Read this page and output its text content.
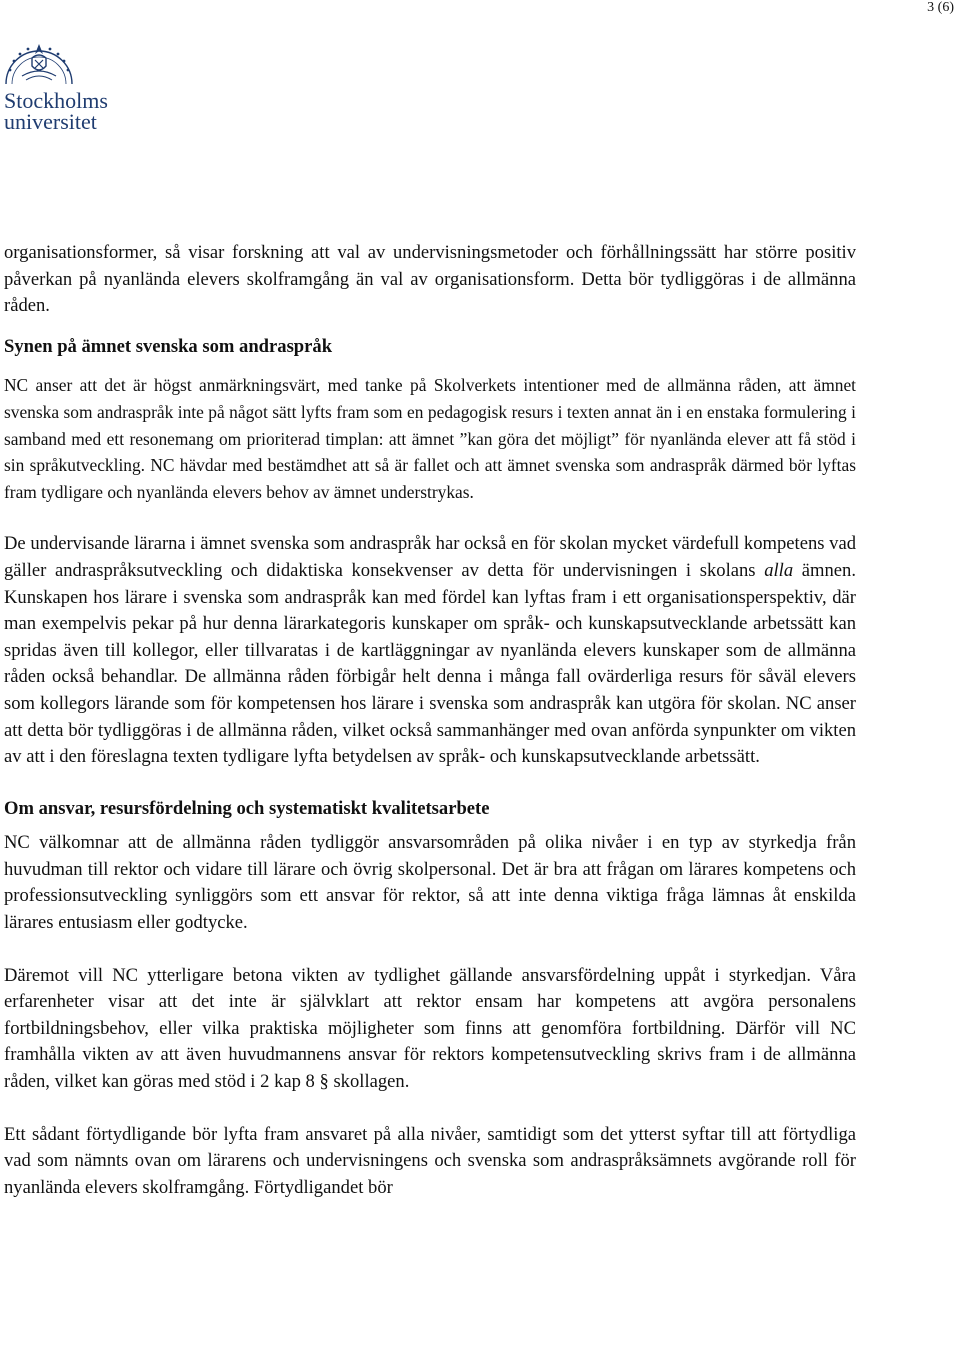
3 (6)
Stockholms
universitet

organisationsformer, så visar forskning att val av undervisningsmetoder och förhållningssätt har större positiv påverkan på nyanlända elevers skolframgång än val av organisationsform. Detta bör tydliggöras i de allmänna råden.

Synen på ämnet svenska som andraspråk

NC anser att det är högst anmärkningsvärt, med tanke på Skolverkets intentioner med de allmänna råden, att ämnet svenska som andraspråk inte på något sätt lyfts fram som en pedagogisk resurs i texten annat än i en enstaka formulering i samband med ett resonemang om prioriterad timplan: att ämnet ”kan göra det möjligt” för nyanlända elever att få stöd i sin språkutveckling. NC hävdar med bestämdhet att så är fallet och att ämnet svenska som andraspråk därmed bör lyftas fram tydligare och nyanlända elevers behov av ämnet understrykas.

De undervisande lärarna i ämnet svenska som andraspråk har också en för skolan mycket värdefull kompetens vad gäller andraspråksutveckling och didaktiska konsekvenser av detta för undervisningen i skolans alla ämnen. Kunskapen hos lärare i svenska som andraspråk kan med fördel kan lyftas fram i ett organisationsperspektiv, där man exempelvis pekar på hur denna lärarkategoris kunskaper om språk- och kunskapsutvecklande arbetssätt kan spridas även till kollegor, eller tillvaratas i de kartläggningar av nyanlända elevers kunskaper som de allmänna råden också behandlar. De allmänna råden förbigår helt denna i många fall ovärderliga resurs för såväl elevers som kollegors lärande som för kompetensen hos lärare i svenska som andraspråk kan utgöra för skolan. NC anser att detta bör tydliggöras i de allmänna råden, vilket också sammanhänger med ovan anförda synpunkter om vikten av att i den föreslagna texten tydligare lyfta betydelsen av språk- och kunskapsutvecklande arbetssätt.

Om ansvar, resursfördelning och systematiskt kvalitetsarbete

NC välkomnar att de allmänna råden tydliggör ansvarsområden på olika nivåer i en typ av styrkedja från huvudman till rektor och vidare till lärare och övrig skolpersonal. Det är bra att frågan om lärares kompetens och professionsutveckling synliggörs som ett ansvar för rektor, så att inte denna viktiga fråga lämnas åt enskilda lärares entusiasm eller godtycke.

Däremot vill NC ytterligare betona vikten av tydlighet gällande ansvarsfördelning uppåt i styrkedjan. Våra erfarenheter visar att det inte är självklart att rektor ensam har kompetens att avgöra personalens fortbildningsbehov, eller vilka praktiska möjligheter som finns att genomföra fortbildning. Därför vill NC framhålla vikten av att även huvudmannens ansvar för rektors kompetensutveckling skrivs fram i de allmänna råden, vilket kan göras med stöd i 2 kap 8 § skollagen.

Ett sådant förtydligande bör lyfta fram ansvaret på alla nivåer, samtidigt som det ytterst syftar till att förtydliga vad som nämnts ovan om lärarens och undervisningens och svenska som andraspråksämnets avgörande roll för nyanlända elevers skolframgång. Förtydligandet bör
